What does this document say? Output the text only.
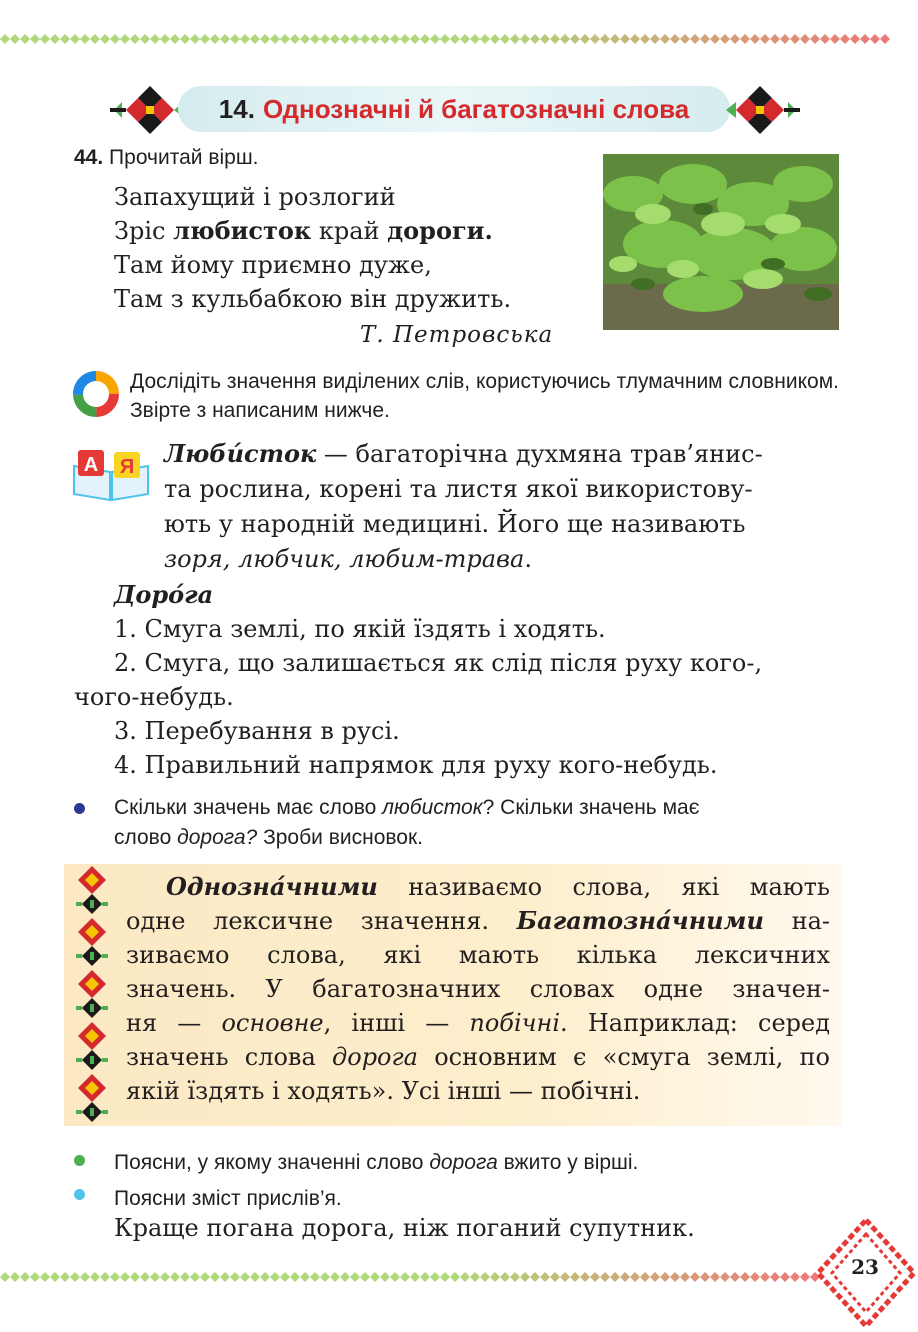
14. Однозначні й багатозначні слова
44. Прочитай вірш.
Запахущий і розлогий
Зріс любисток край дороги.
Там йому приємно дуже,
Там з кульбабкою він дружить.
Т. Петровська
Дослідіть значення виділених слів, користуючись тлумачним словником. Звірте з написаним нижче.
А Я Люби́сток — багаторічна духмяна трав’янис-
та рослина, корені та листя якої використову-
ють у народній медицині. Його ще називають
зоря, любчик, любим-трава.
Доро́га
1. Смуга землі, по якій їздять і ходять.
2. Смуга, що залишається як слід після руху кого-,
чого-небудь.
3. Перебування в русі.
4. Правильний напрямок для руху кого-небудь.
Скільки значень має слово любисток? Скільки значень має
слово дорога? Зроби висновок.
Однозна́чними називаємо слова, які мають
одне лексичне значення. Багатозна́чними на-
зиваємо слова, які мають кілька лексичних
значень. У багатозначних словах одне значен-
ня — основне, інші — побічні. Наприклад: серед
значень слова дорога основним є «смуга землі, по
якій їздять і ходять». Усі інші — побічні.
Поясни, у якому значенні слово дорога вжито у вірші.
Поясни зміст прислів’я.
Краще погана дорога, ніж поганий супутник.
23
